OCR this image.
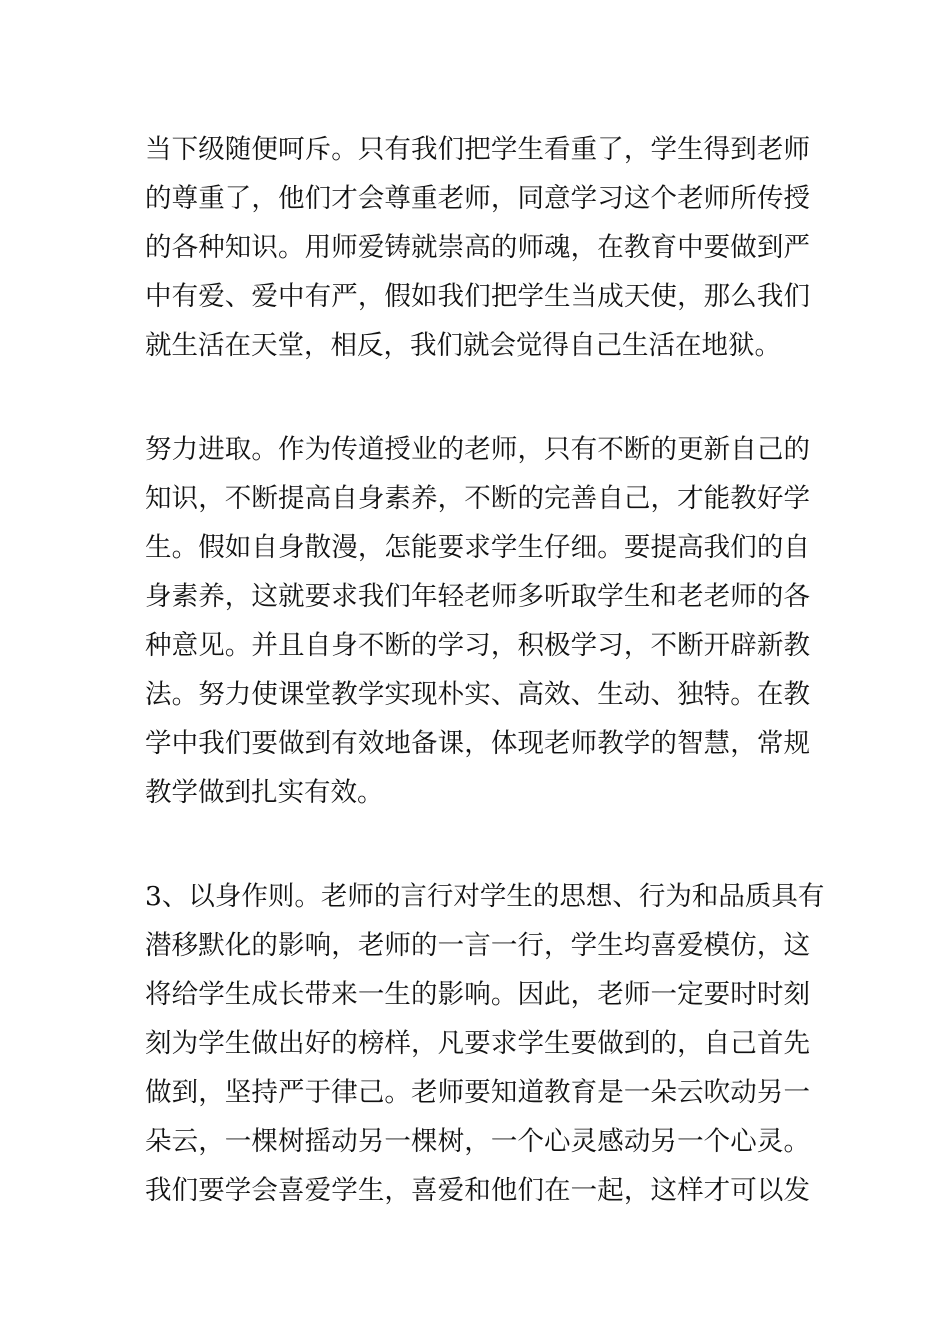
当下级随便呵斥。只有我们把学生看重了，学生得到老师
的尊重了，他们才会尊重老师，同意学习这个老师所传授
的各种知识。用师爱铸就崇高的师魂，在教育中要做到严
中有爱、爱中有严，假如我们把学生当成天使，那么我们
就生活在天堂，相反，我们就会觉得自己生活在地狱。

努力进取。作为传道授业的老师，只有不断的更新自己的
知识，不断提高自身素养，不断的完善自己，才能教好学
生。假如自身散漫，怎能要求学生仔细。要提高我们的自
身素养，这就要求我们年轻老师多听取学生和老老师的各
种意见。并且自身不断的学习，积极学习，不断开辟新教
法。努力使课堂教学实现朴实、高效、生动、独特。在教
学中我们要做到有效地备课，体现老师教学的智慧，常规
教学做到扎实有效。

3、以身作则。老师的言行对学生的思想、行为和品质具有
潜移默化的影响，老师的一言一行，学生均喜爱模仿，这
将给学生成长带来一生的影响。因此，老师一定要时时刻
刻为学生做出好的榜样，凡要求学生要做到的，自己首先
做到，坚持严于律己。老师要知道教育是一朵云吹动另一
朵云，一棵树摇动另一棵树，一个心灵感动另一个心灵。
我们要学会喜爱学生，喜爱和他们在一起，这样才可以发
